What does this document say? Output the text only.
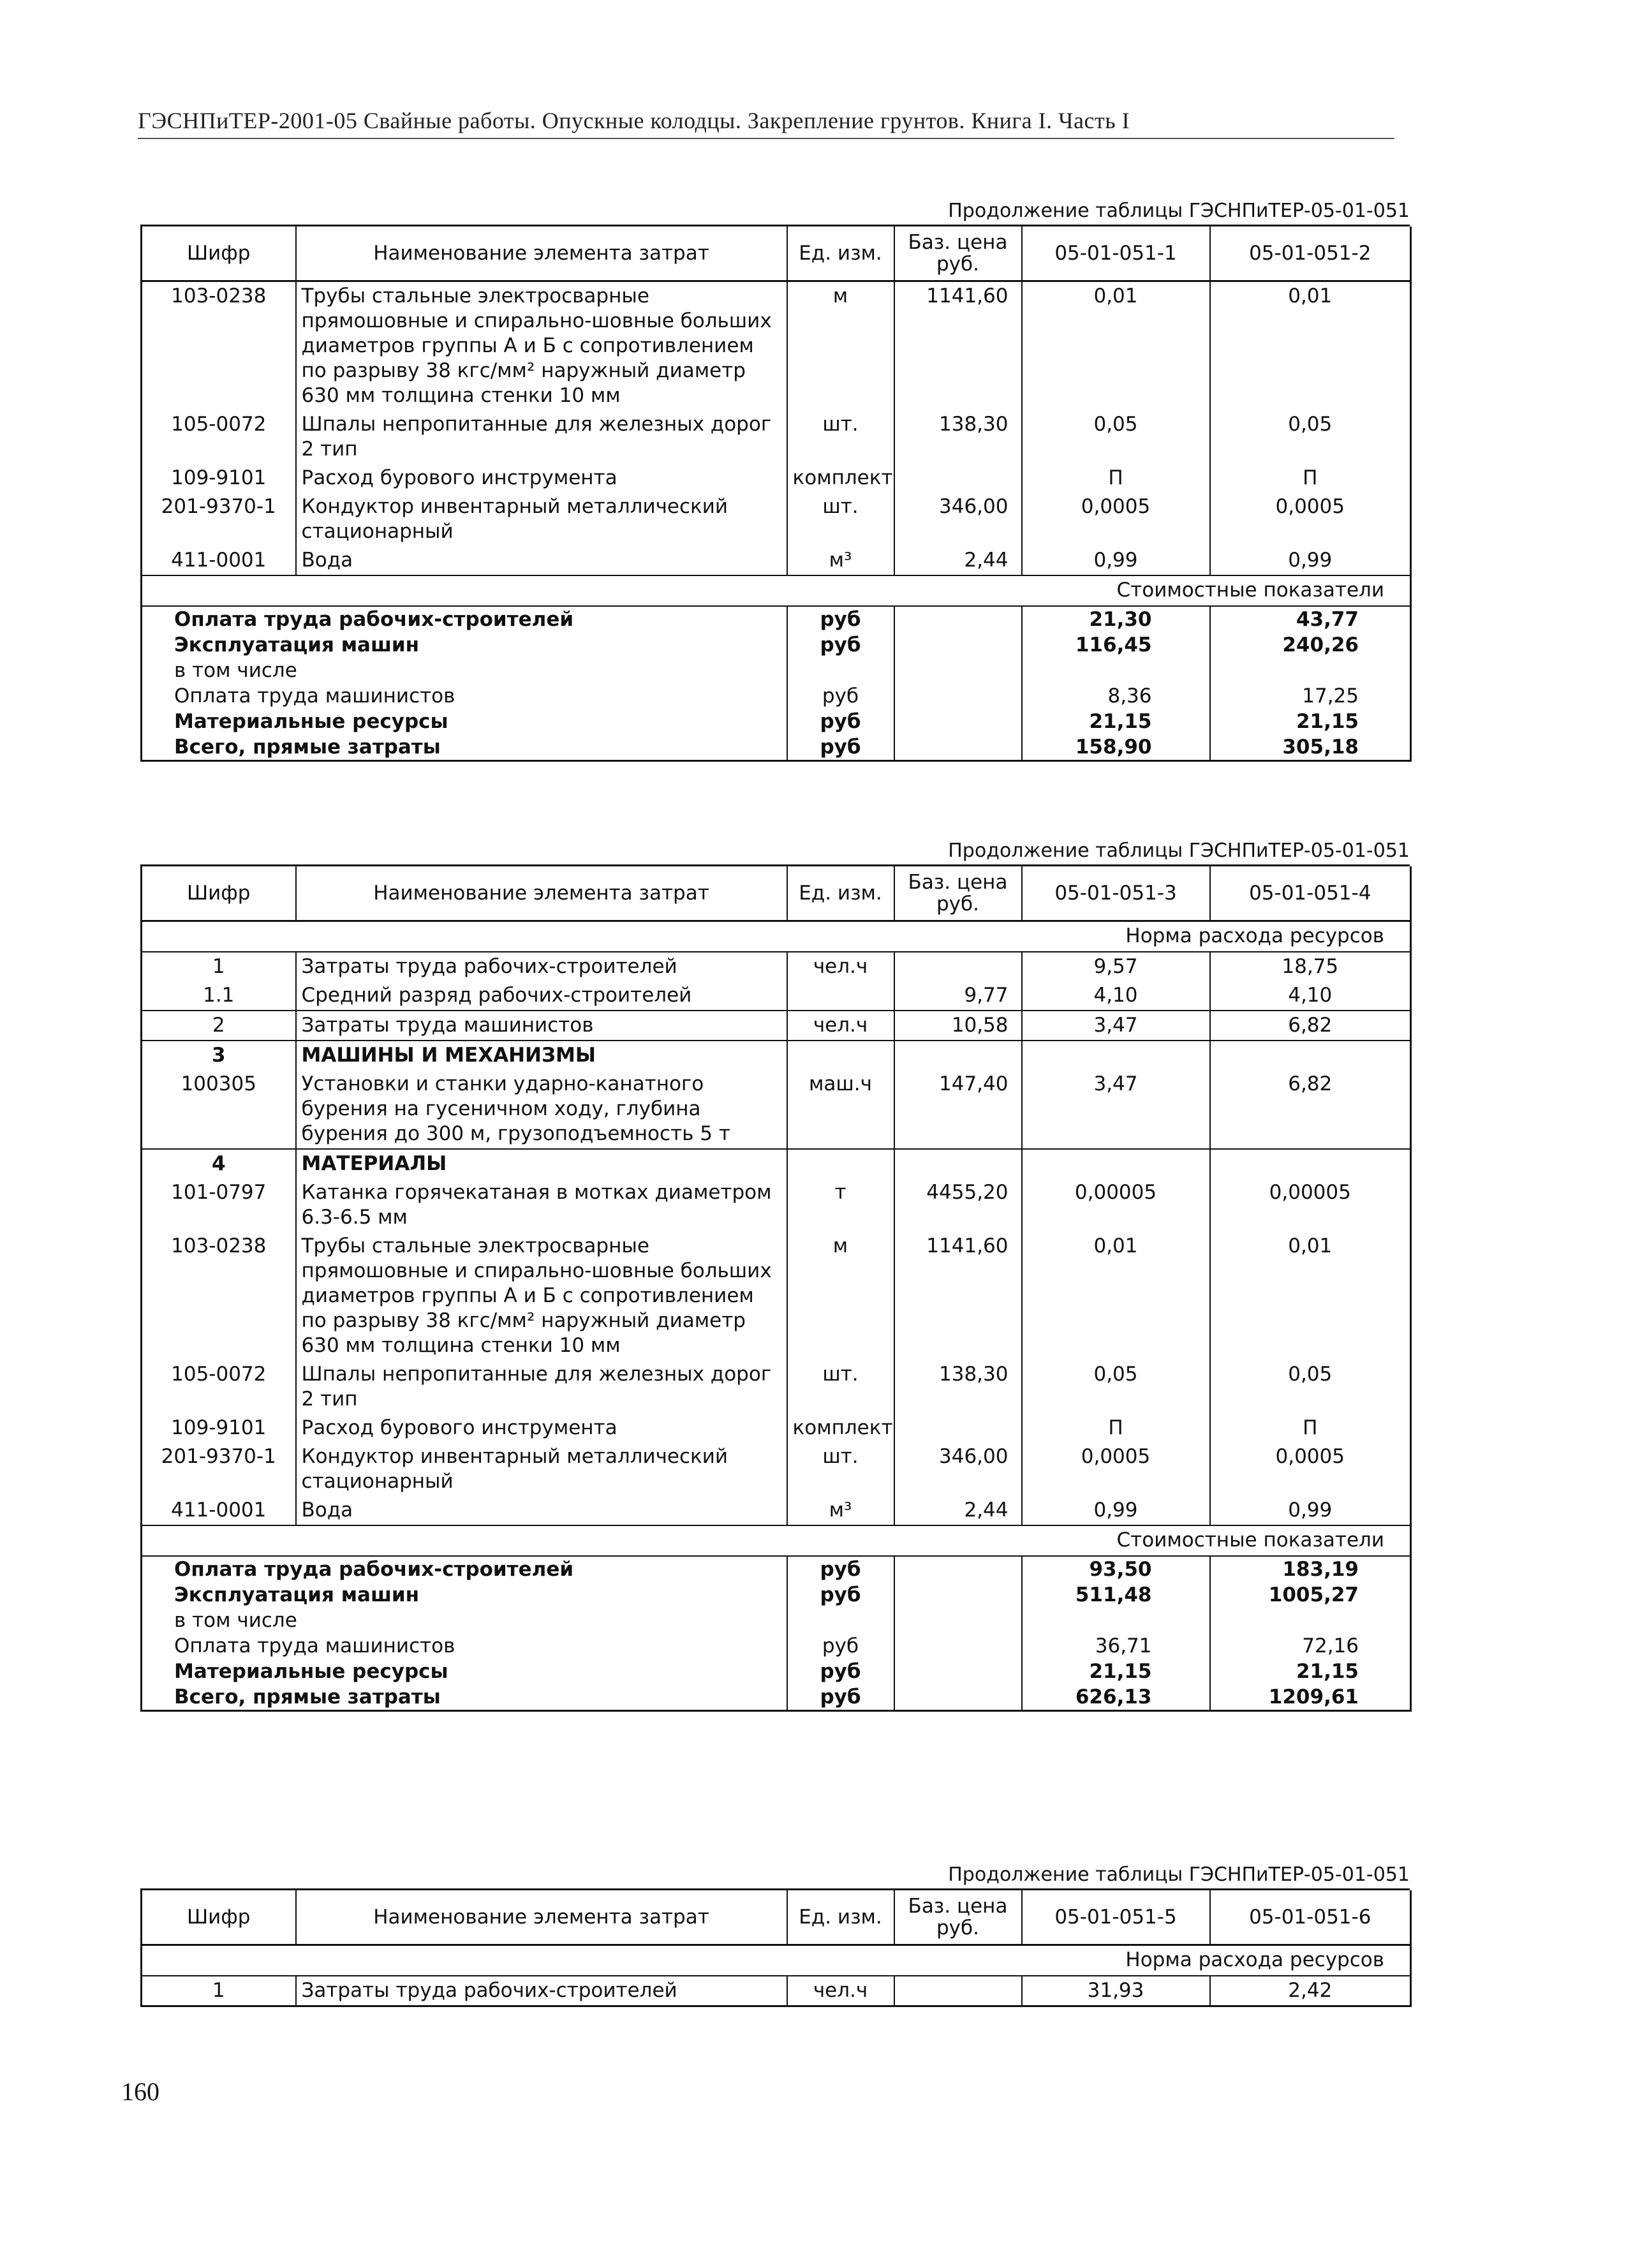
ГЭСНПиТЕР-2001-05 Свайные работы. Опускные колодцы. Закрепление грунтов. Книга I. Часть I
Продолжение таблицы ГЭСНПиТЕР-05-01-051
Шифр	Наименование элемента затрат	Ед. изм.	Баз. цена руб.	05-01-051-1	05-01-051-2
103-0238	Трубы стальные электросварные прямошовные и спирально-шовные больших диаметров группы А и Б с сопротивлением по разрыву 38 кгс/мм² наружный диаметр 630 мм толщина стенки 10 мм	м	1141,60	0,01	0,01
105-0072	Шпалы непропитанные для железных дорог 2 тип	шт.	138,30	0,05	0,05
109-9101	Расход бурового инструмента	комплект		П	П
201-9370-1	Кондуктор инвентарный металлический стационарный	шт.	346,00	0,0005	0,0005
411-0001	Вода	м³	2,44	0,99	0,99
Стоимостные показатели					
Оплата труда рабочих-строителей		руб		21,30	43,77
Эксплуатация машин		руб		116,45	240,26
в том числе					
Оплата труда машинистов		руб		8,36	17,25
Материальные ресурсы		руб		21,15	21,15
Всего, прямые затраты		руб		158,90	305,18
Продолжение таблицы ГЭСНПиТЕР-05-01-051
Шифр	Наименование элемента затрат	Ед. изм.	Баз. цена руб.	05-01-051-3	05-01-051-4
Норма расхода ресурсов					
1	Затраты труда рабочих-строителей	чел.ч		9,57	18,75
1.1	Средний разряд рабочих-строителей		9,77	4,10	4,10
2	Затраты труда машинистов	чел.ч	10,58	3,47	6,82
3	МАШИНЫ И МЕХАНИЗМЫ				
100305	Установки и станки ударно-канатного бурения на гусеничном ходу, глубина бурения до 300 м, грузоподъемность 5 т	маш.ч	147,40	3,47	6,82
4	МАТЕРИАЛЫ				
101-0797	Катанка горячекатаная в мотках диаметром 6.3-6.5 мм	т	4455,20	0,00005	0,00005
103-0238	Трубы стальные электросварные прямошовные и спирально-шовные больших диаметров группы А и Б с сопротивлением по разрыву 38 кгс/мм² наружный диаметр 630 мм толщина стенки 10 мм	м	1141,60	0,01	0,01
105-0072	Шпалы непропитанные для железных дорог 2 тип	шт.	138,30	0,05	0,05
109-9101	Расход бурового инструмента	комплект		П	П
201-9370-1	Кондуктор инвентарный металлический стационарный	шт.	346,00	0,0005	0,0005
411-0001	Вода	м³	2,44	0,99	0,99
Стоимостные показатели					
Оплата труда рабочих-строителей		руб		93,50	183,19
Эксплуатация машин		руб		511,48	1005,27
в том числе					
Оплата труда машинистов		руб		36,71	72,16
Материальные ресурсы		руб		21,15	21,15
Всего, прямые затраты		руб		626,13	1209,61
Продолжение таблицы ГЭСНПиТЕР-05-01-051
Шифр	Наименование элемента затрат	Ед. изм.	Баз. цена руб.	05-01-051-5	05-01-051-6
Норма расхода ресурсов					
1	Затраты труда рабочих-строителей	чел.ч		31,93	2,42
160
